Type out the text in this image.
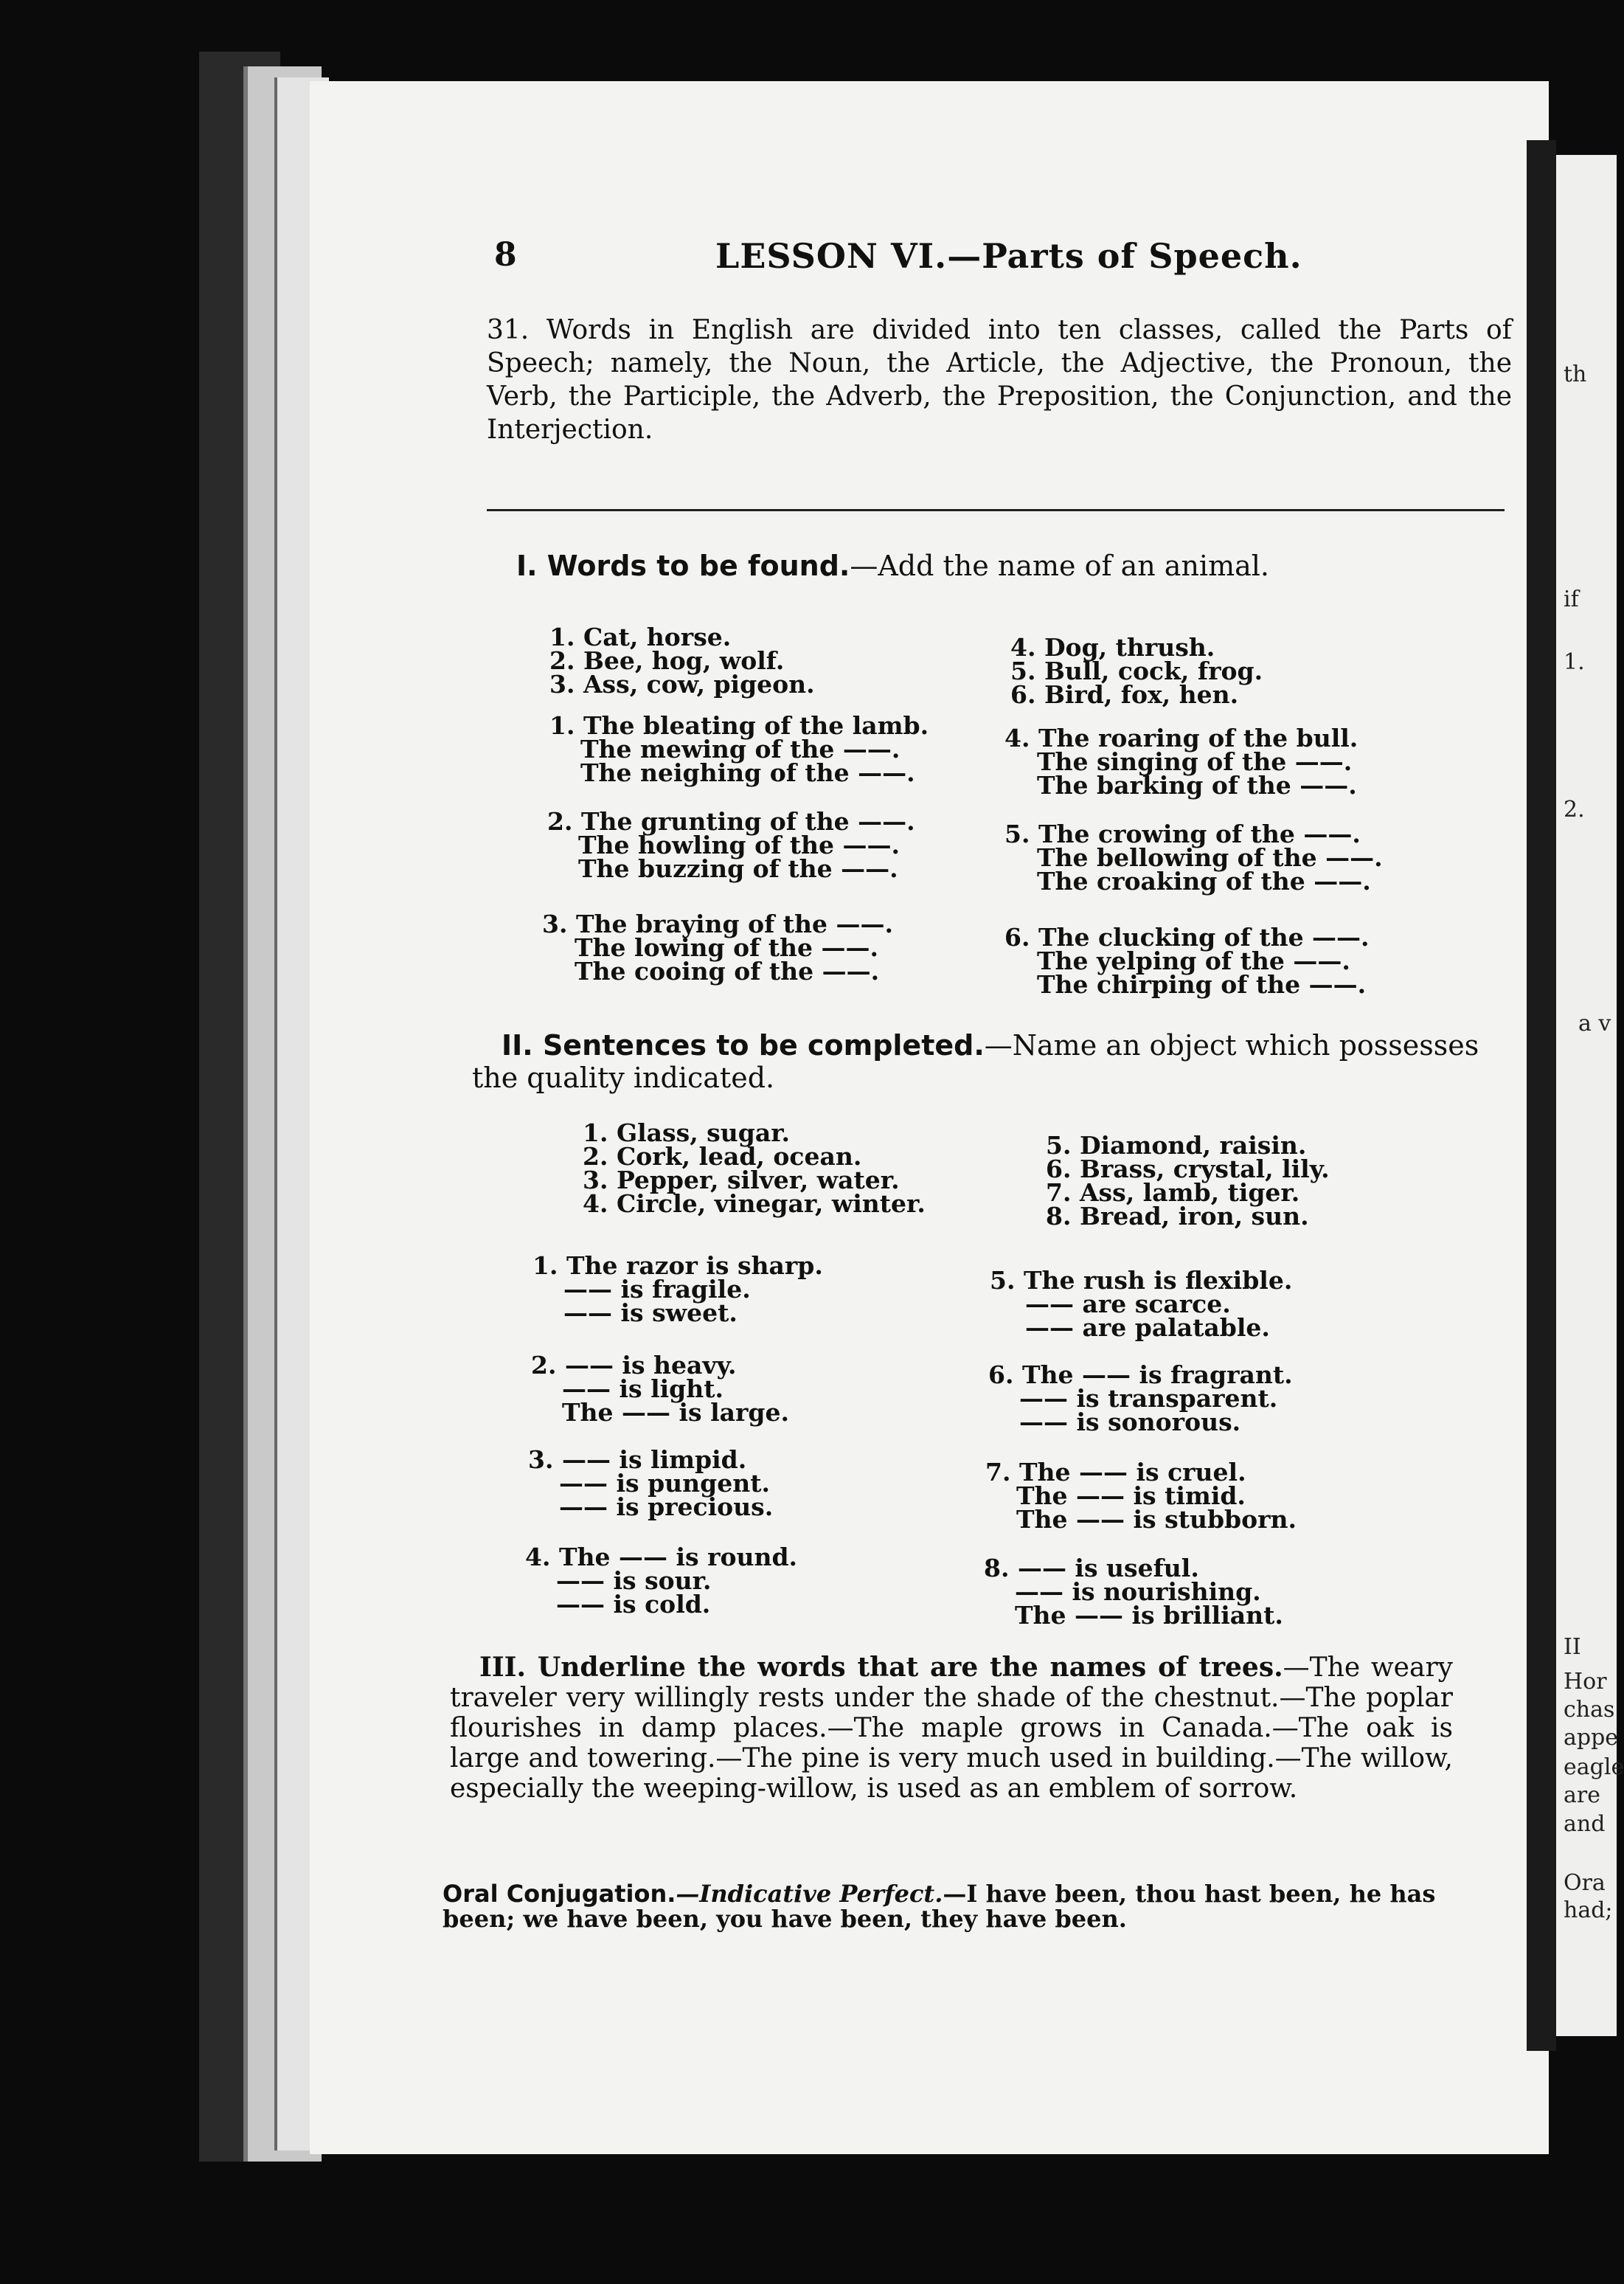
th
if
1.
2.
a v
II
Hor
chas
appe
eagle
are
and
Ora
had;
8	LESSON VI.—Parts of Speech.
31. Words in English are divided into ten classes, called the Parts of Speech; namely, the Noun, the Article, the Adjective, the Pronoun, the Verb, the Participle, the Adverb, the Preposition, the Conjunction, and the Interjection.
I. Words to be found.—Add the name of an animal.
1. Cat, horse.
2. Bee, hog, wolf.
3. Ass, cow, pigeon.
4. Dog, thrush.
5. Bull, cock, frog.
6. Bird, fox, hen.
1. The bleating of the lamb.
The mewing of the ——.
The neighing of the ——.
4. The roaring of the bull.
The singing of the ——.
The barking of the ——.
2. The grunting of the ——.
The howling of the ——.
The buzzing of the ——.
5. The crowing of the ——.
The bellowing of the ——.
The croaking of the ——.
3. The braying of the ——.
The lowing of the ——.
The cooing of the ——.
6. The clucking of the ——.
The yelping of the ——.
The chirping of the ——.
II. Sentences to be completed.—Name an object which possesses the quality indicated.
1. Glass, sugar.
2. Cork, lead, ocean.
3. Pepper, silver, water.
4. Circle, vinegar, winter.
5. Diamond, raisin.
6. Brass, crystal, lily.
7. Ass, lamb, tiger.
8. Bread, iron, sun.
1. The razor is sharp.
—— is fragile.
—— is sweet.
5. The rush is flexible.
—— are scarce.
—— are palatable.
2. —— is heavy.
—— is light.
The —— is large.
6. The —— is fragrant.
—— is transparent.
—— is sonorous.
3. —— is limpid.
—— is pungent.
—— is precious.
7. The —— is cruel.
The —— is timid.
The —— is stubborn.
4. The —— is round.
—— is sour.
—— is cold.
8. —— is useful.
—— is nourishing.
The —— is brilliant.
III. Underline the words that are the names of trees.—The weary traveler very willingly rests under the shade of the chestnut.—The poplar flourishes in damp places.—The maple grows in Canada.—The oak is large and towering.—The pine is very much used in building.—The willow, especially the weeping-willow, is used as an emblem of sorrow.
Oral Conjugation.—Indicative Perfect.—I have been, thou hast been, he has been; we have been, you have been, they have been.
